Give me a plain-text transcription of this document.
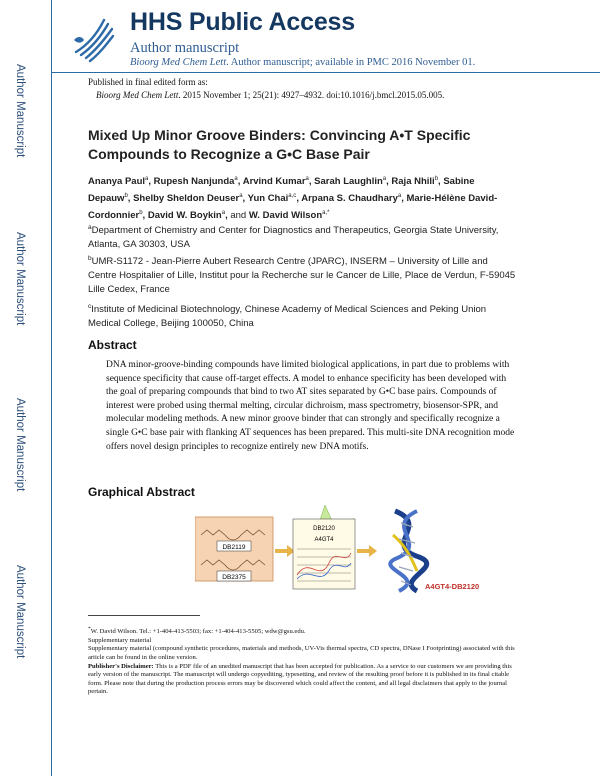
Author Manuscript
Author Manuscript
Author Manuscript
Author Manuscript
HHS Public Access
Author manuscript
Bioorg Med Chem Lett. Author manuscript; available in PMC 2016 November 01.
Published in final edited form as:
Bioorg Med Chem Lett. 2015 November 1; 25(21): 4927–4932. doi:10.1016/j.bmcl.2015.05.005.
Mixed Up Minor Groove Binders: Convincing A•T Specific Compounds to Recognize a G•C Base Pair
Ananya Paul$^a$, Rupesh Nanjunda$^a$, Arvind Kumar$^a$, Sarah Laughlin$^a$, Raja Nhili$^b$, Sabine Depauw$^b$, Shelby Sheldon Deuser$^a$, Yun Chai$^{a,c}$, Arpana S. Chaudhary$^a$, Marie-Hélène David-Cordonnier$^b$, David W. Boykin$^a$, and W. David Wilson$^{a,*}$
$^a$Department of Chemistry and Center for Diagnostics and Therapeutics, Georgia State University, Atlanta, GA 30303, USA
$^b$UMR-S1172 - Jean-Pierre Aubert Research Centre (JPARC), INSERM – University of Lille and Centre Hospitalier of Lille, Institut pour la Recherche sur le Cancer de Lille, Place de Verdun, F-59045 Lille Cedex, France
$^c$Institute of Medicinal Biotechnology, Chinese Academy of Medical Sciences and Peking Union Medical College, Beijing 100050, China
Abstract
DNA minor-groove-binding compounds have limited biological applications, in part due to problems with sequence specificity that cause off-target effects. A model to enhance specificity has been developed with the goal of preparing compounds that bind to two AT sites separated by G•C base pairs. Compounds of interest were probed using thermal melting, circular dichroism, mass spectrometry, biosensor-SPR, and molecular modeling methods. A new minor groove binder that can strongly and specifically recognize a single G•C base pair with flanking AT sequences has been prepared. This multi-site DNA recognition mode offers novel design principles to recognize entirely new DNA motifs.
Graphical Abstract
DB2119
DB2375
DB2120
A4GT4
A4GT4-DB2120

*W. David Wilson. Tel.: +1-404-413-5503; fax: +1-404-413-5505; wdw@gsu.edu.

Supplementary material

Supplementary material (compound synthetic procedures, materials and methods, UV-Vis thermal spectra, CD spectra, DNase I Footprinting) associated with this article can be found in the online version.

Publisher's Disclaimer: This is a PDF file of an unedited manuscript that has been accepted for publication. As a service to our customers we are providing this early version of the manuscript. The manuscript will undergo copyediting, typesetting, and review of the resulting proof before it is published in its final citable form. Please note that during the production process errors may be discovered which could affect the content, and all legal disclaimers that apply to the journal pertain.
